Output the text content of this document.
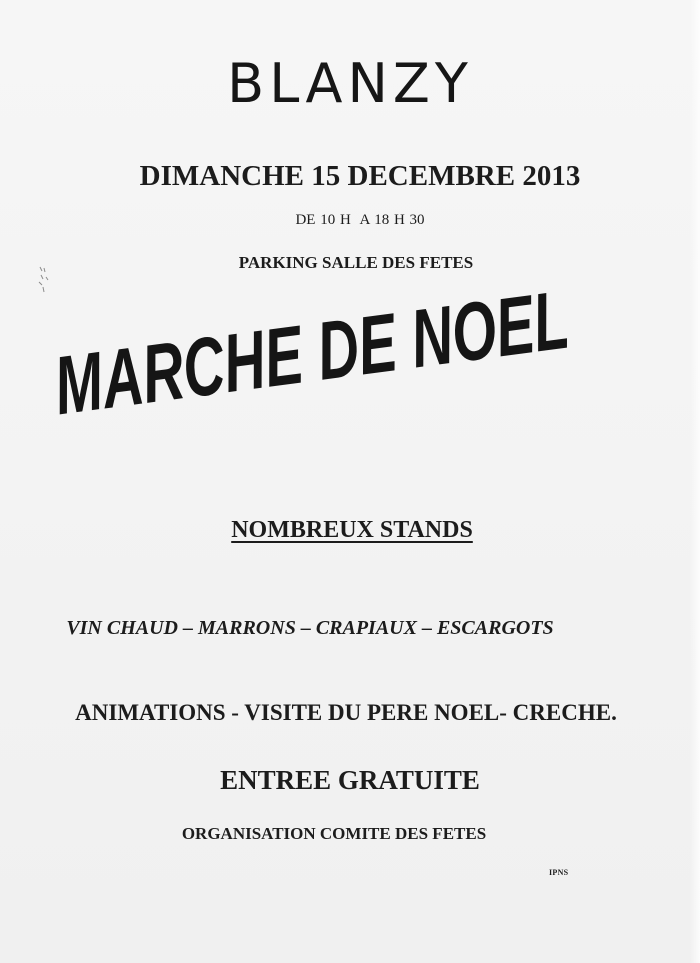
BLANZY
DIMANCHE 15 DECEMBRE 2013
DE 10 H  A 18 H 30
PARKING SALLE DES FETES
MARCHE DE NOEL
NOMBREUX STANDS
VIN CHAUD – MARRONS – CRAPIAUX – ESCARGOTS
ANIMATIONS - VISITE DU PERE NOEL- CRECHE.
ENTREE GRATUITE
ORGANISATION COMITE DES FETES
IPNS
